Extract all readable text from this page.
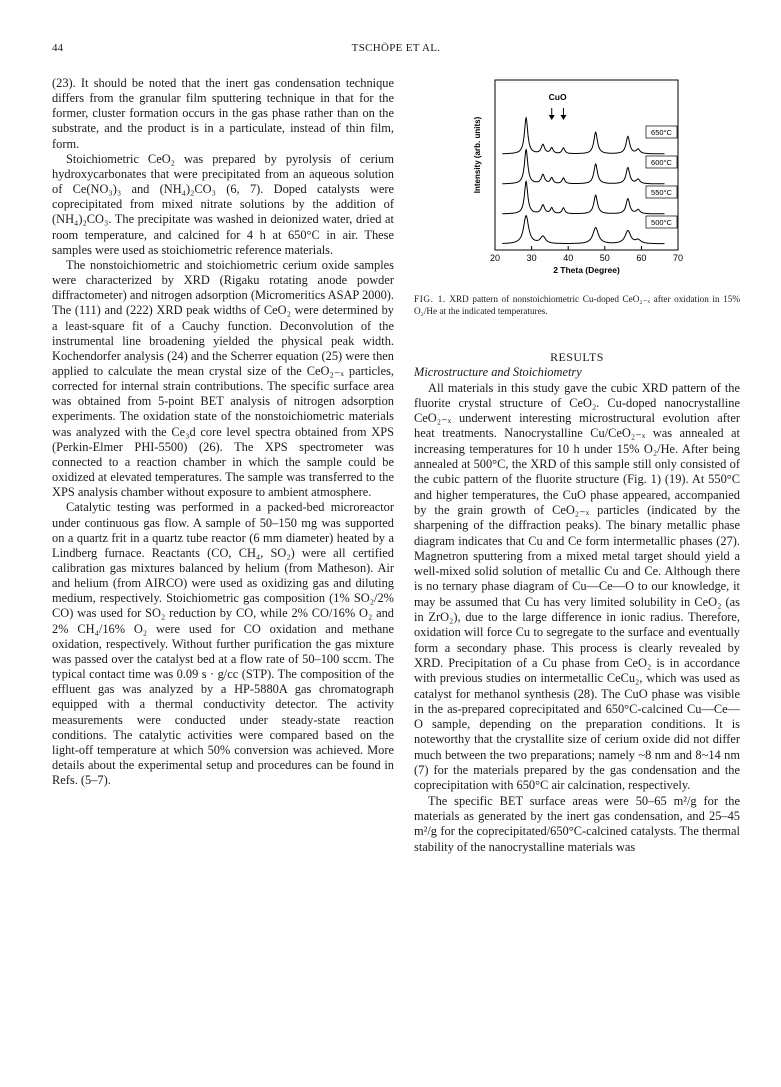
44	TSCHÖPE ET AL.

(23). It should be noted that the inert gas condensation technique differs from the granular film sputtering technique in that for the former, cluster formation occurs in the gas phase rather than on the substrate, and the product is in a particulate, instead of thin film, form.

Stoichiometric CeO₂ was prepared by pyrolysis of cerium hydroxycarbonates that were precipitated from an aqueous solution of Ce(NO₃)₃ and (NH₄)₂CO₃ (6, 7). Doped catalysts were coprecipitated from mixed nitrate solutions by the addition of (NH₄)₂CO₃. The precipitate was washed in deionized water, dried at room temperature, and calcined for 4 h at 650°C in air. These samples were used as stoichiometric reference materials.

The nonstoichiometric and stoichiometric cerium oxide samples were characterized by XRD (Rigaku rotating anode powder diffractometer) and nitrogen adsorption (Micromeritics ASAP 2000). The (111) and (222) XRD peak widths of CeO₂ were determined by a least-square fit of a Cauchy function. Deconvolution of the instrumental line broadening yielded the physical peak width. Kochendorfer analysis (24) and the Scherrer equation (25) were then applied to calculate the mean crystal size of the CeO₂₋ₓ particles, corrected for internal strain contributions. The specific surface area was obtained from 5-point BET analysis of nitrogen adsorption experiments. The oxidation state of the nonstoichiometric materials was analyzed with the Ce₃d core level spectra obtained from XPS (Perkin-Elmer PHI-5500) (26). The XPS spectrometer was connected to a reaction chamber in which the sample could be oxidized at elevated temperatures. The sample was transferred to the XPS analysis chamber without exposure to ambient atmosphere.

Catalytic testing was performed in a packed-bed microreactor under continuous gas flow. A sample of 50–150 mg was supported on a quartz frit in a quartz tube reactor (6 mm diameter) heated by a Lindberg furnace. Reactants (CO, CH₄, SO₂) were all certified calibration gas mixtures balanced by helium (from Matheson). Air and helium (from AIRCO) were used as oxidizing gas and diluting medium, respectively. Stoichiometric gas composition (1% SO₂/2% CO) was used for SO₂ reduction by CO, while 2% CO/16% O₂ and 2% CH₄/16% O₂ were used for CO oxidation and methane oxidation, respectively. Without further purification the gas mixture was passed over the catalyst bed at a flow rate of 50–100 sccm. The typical contact time was 0.09 s · g/cc (STP). The composition of the effluent gas was analyzed by a HP-5880A gas chromatograph equipped with a thermal conductivity detector. The activity measurements were conducted under steady-state reaction conditions. The catalytic activities were compared based on the light-off temperature at which 50% conversion was achieved. More details about the experimental setup and procedures can be found in Refs. (5–7).

20	30	40	50	60	70
2 Theta (Degree)
Intensity (arb. units)	650°C
600°C
550°C
500°C
CuO
FIG. 1. XRD pattern of nonstoichiometric Cu-doped CeO₂₋ₓ after oxidation in 15% O₂/He at the indicated temperatures.

RESULTS

Microstructure and Stoichiometry

All materials in this study gave the cubic XRD pattern of the fluorite crystal structure of CeO₂. Cu-doped nanocrystalline CeO₂₋ₓ underwent interesting microstructural evolution after heat treatments. Nanocrystalline Cu/CeO₂₋ₓ was annealed at increasing temperatures for 10 h under 15% O₂/He. After being annealed at 500°C, the XRD of this sample still only consisted of the cubic pattern of the fluorite structure (Fig. 1) (19). At 550°C and higher temperatures, the CuO phase appeared, accompanied by the grain growth of CeO₂₋ₓ particles (indicated by the sharpening of the diffraction peaks). The binary metallic phase diagram indicates that Cu and Ce form intermetallic phases (27). Magnetron sputtering from a mixed metal target should yield a well-mixed solid solution of metallic Cu and Ce. Although there is no ternary phase diagram of Cu—Ce—O to our knowledge, it may be assumed that Cu has very limited solubility in CeO₂ (as in ZrO₂), due to the large difference in ionic radius. Therefore, oxidation will force Cu to segregate to the surface and eventually form a secondary phase. This process is clearly revealed by XRD. Precipitation of a Cu phase from CeO₂ is in accordance with previous studies on intermetallic CeCu₂, which was used as catalyst for methanol synthesis (28). The CuO phase was visible in the as-prepared coprecipitated and 650°C-calcined Cu—Ce—O sample, depending on the preparation conditions. It is noteworthy that the crystallite size of cerium oxide did not differ much between the two preparations; namely ~8 nm and 8~14 nm (7) for the materials prepared by the gas condensation and the coprecipitation with 650°C air calcination, respectively.

The specific BET surface areas were 50–65 m²/g for the materials as generated by the inert gas condensation, and 25–45 m²/g for the coprecipitated/650°C-calcined catalysts. The thermal stability of the nanocrystalline materials was
